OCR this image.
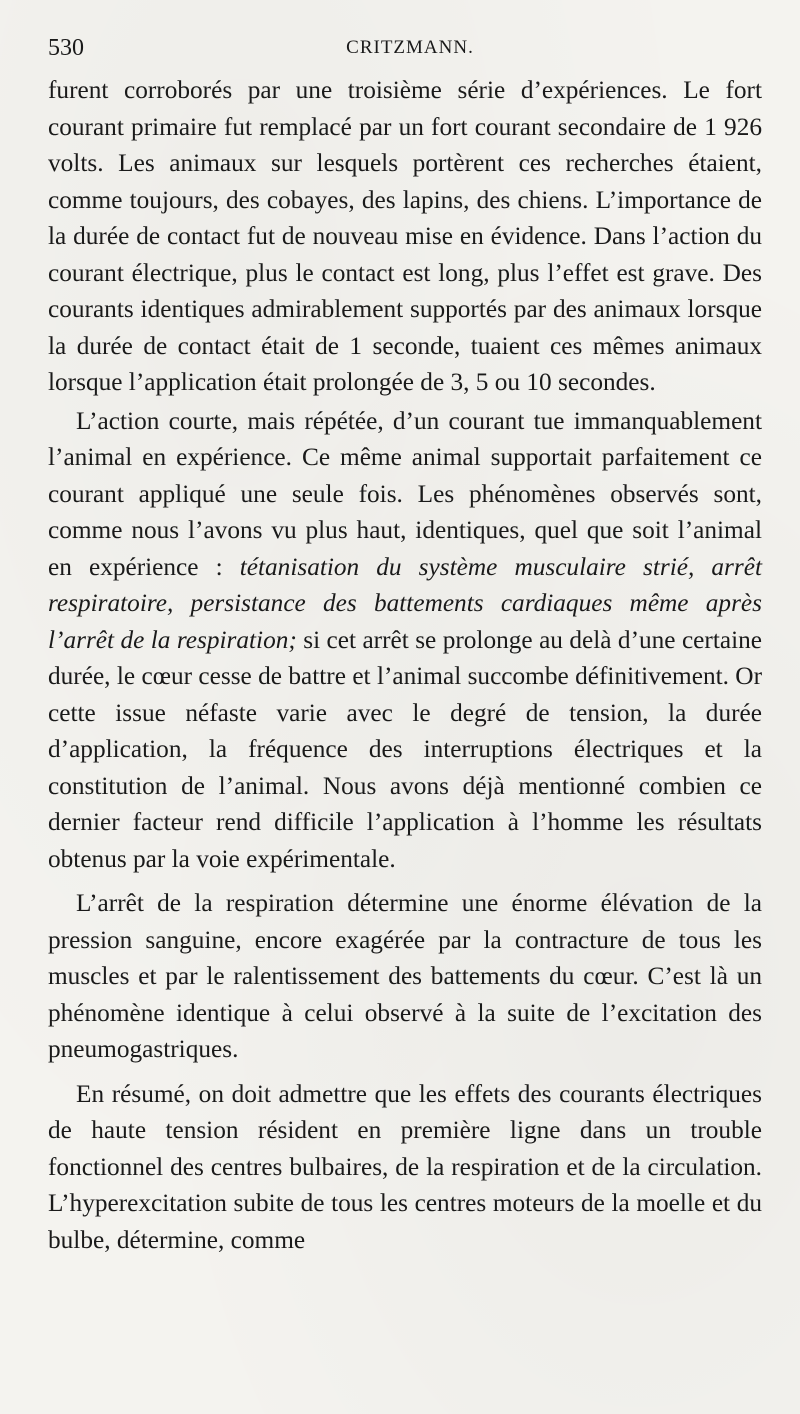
530	CRITZMANN.

furent corroborés par une troisième série d’expériences. Le fort courant primaire fut remplacé par un fort courant secondaire de 1 926 volts. Les animaux sur lesquels portèrent ces recherches étaient, comme toujours, des cobayes, des lapins, des chiens. L’importance de la durée de contact fut de nouveau mise en évidence. Dans l’action du courant électrique, plus le contact est long, plus l’effet est grave. Des courants identiques admirablement supportés par des animaux lorsque la durée de contact était de 1 seconde, tuaient ces mêmes animaux lorsque l’application était prolongée de 3, 5 ou 10 secondes.

L’action courte, mais répétée, d’un courant tue immanquablement l’animal en expérience. Ce même animal supportait parfaitement ce courant appliqué une seule fois. Les phénomènes observés sont, comme nous l’avons vu plus haut, identiques, quel que soit l’animal en expérience : tétanisation du système musculaire strié, arrêt respiratoire, persistance des battements cardiaques même après l’arrêt de la respiration; si cet arrêt se prolonge au delà d’une certaine durée, le cœur cesse de battre et l’animal succombe définitivement. Or cette issue néfaste varie avec le degré de tension, la durée d’application, la fréquence des interruptions électriques et la constitution de l’animal. Nous avons déjà mentionné combien ce dernier facteur rend difficile l’application à l’homme les résultats obtenus par la voie expérimentale.

L’arrêt de la respiration détermine une énorme élévation de la pression sanguine, encore exagérée par la contracture de tous les muscles et par le ralentissement des battements du cœur. C’est là un phénomène identique à celui observé à la suite de l’excitation des pneumogastriques.

En résumé, on doit admettre que les effets des courants électriques de haute tension résident en première ligne dans un trouble fonctionnel des centres bulbaires, de la respiration et de la circulation. L’hyperexcitation subite de tous les centres moteurs de la moelle et du bulbe, détermine, comme
